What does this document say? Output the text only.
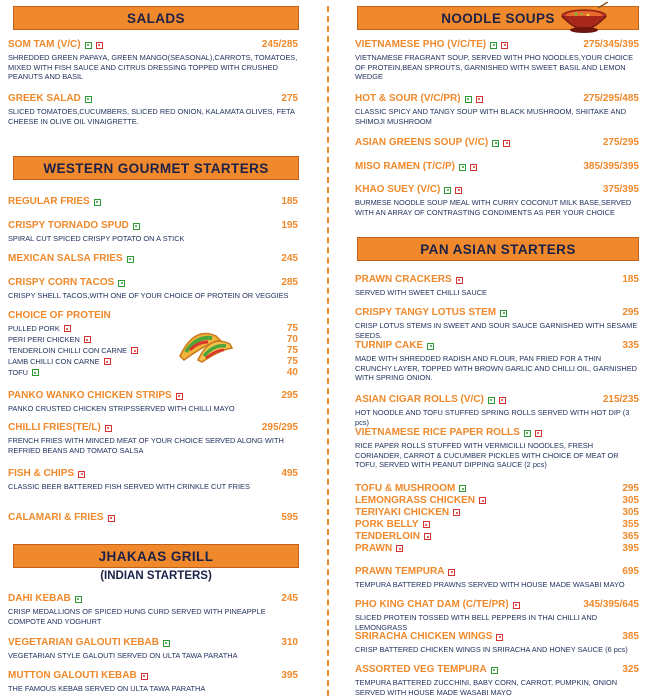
SALADS
SOM TAM (V/C)	245/285
SHREDDED GREEN PAPAYA, GREEN MANGO(SEASONAL),CARROTS, TOMATOES, MIXED WITH FISH SAUCE AND CITRUS DRESSING TOPPED WITH CRUSHED PEANUTS AND BASIL
GREEK SALAD	275
SLICED TOMATOES,CUCUMBERS, SLICED RED ONION, KALAMATA OLIVES, FETA CHEESE IN OLIVE OIL VINAIGRETTE.
WESTERN GOURMET STARTERS
REGULAR FRIES	185
CRISPY TORNADO SPUD	195
SPIRAL CUT SPICED CRISPY POTATO ON A STICK
MEXICAN SALSA FRIES	245
CRISPY CORN TACOS	285
CRISPY SHELL TACOS,WITH ONE OF YOUR CHOICE OF PROTEIN OR VEGGIES
CHOICE OF PROTEIN
PULLED PORK	75
PERI PERI CHICKEN	70
TENDERLOIN CHILLI CON CARNE	75
LAMB CHILLI CON CARNE	75
TOFU	40
PANKO WANKO CHICKEN STRIPS	295
PANKO CRUSTED CHICKEN STRIPSSERVED WITH CHILLI MAYO
CHILLI FRIES(TE/L)	295/295
FRENCH FRIES WITH MINCED MEAT OF YOUR CHOICE SERVED ALONG WITH REFRIED BEANS AND TOMATO SALSA
FISH & CHIPS	495
CLASSIC BEER BATTERED FISH SERVED WITH CRINKLE CUT FRIES
CALAMARI & FRIES	595
JHAKAAS GRILL
(INDIAN STARTERS)
DAHI KEBAB	245
CRISP MEDALLIONS OF SPICED HUNG CURD SERVED WITH PINEAPPLE COMPOTE AND YOGHURT
VEGETARIAN GALOUTI KEBAB	310
VEGETARIAN STYLE GALOUTI SERVED ON ULTA TAWA PARATHA
MUTTON GALOUTI KEBAB	395
THE FAMOUS KEBAB SERVED ON ULTA TAWA PARATHA
NOODLE SOUPS
VIETNAMESE PHO (V/C/TE)	275/345/395
VIETNAMESE FRAGRANT SOUP, SERVED WITH PHO NOODLES,YOUR CHOICE OF PROTEIN,BEAN SPROUTS, GARNISHED WITH SWEET BASIL AND LEMON WEDGE
HOT & SOUR (V/C/PR)	275/295/485
CLASSIC SPICY AND TANGY SOUP WITH BLACK MUSHROOM, SHIITAKE AND SHIMOJI MUSHROOM
ASIAN GREENS SOUP (V/C)	275/295
MISO RAMEN (T/C/P)	385/395/395
KHAO SUEY (V/C)	375/395
BURMESE NOODLE SOUP MEAL WITH CURRY COCONUT MILK BASE,SERVED WITH AN ARRAY OF CONTRASTING CONDIMENTS AS PER YOUR CHOICE
PAN ASIAN STARTERS
PRAWN CRACKERS	185
SERVED WITH SWEET CHILLI SAUCE
CRISPY TANGY LOTUS STEM	295
CRISP LOTUS STEMS IN SWEET AND SOUR SAUCE GARNISHED WITH SESAME SEEDS.
TURNIP CAKE	335
MADE WITH SHREDDED RADISH AND FLOUR, PAN FRIED FOR A THIN CRUNCHY LAYER, TOPPED WITH BROWN GARLIC AND CHILLI OIL, GARNISHED WITH SPRING ONION.
ASIAN CIGAR ROLLS (V/C)	215/235
HOT NOODLE AND TOFU STUFFED SPRING ROLLS SERVED WITH HOT DIP (3 pcs)
VIETNAMESE RICE PAPER ROLLS
RICE PAPER ROLLS STUFFED WITH VERMICILLI NOODLES, FRESH CORIANDER, CARROT & CUCUMBER PICKLES WITH CHOICE OF MEAT OR TOFU, SERVED WITH PEANUT DIPPING SAUCE (2 pcs)
TOFU & MUSHROOM	295
LEMONGRASS CHICKEN	305
TERIYAKI CHICKEN	305
PORK BELLY	355
TENDERLOIN	365
PRAWN	395
PRAWN TEMPURA	695
TEMPURA BATTERED PRAWNS SERVED WITH HOUSE MADE WASABI MAYO
PHO KING CHAT DAM (C/TE/PR)	345/395/645
SLICED PROTEIN TOSSED WITH BELL PEPPERS IN THAI CHILLI AND LEMONGRASS
SRIRACHA CHICKEN WINGS	385
CRISP BATTERED CHICKEN WINGS IN SRIRACHA AND HONEY SAUCE (6 pcs)
ASSORTED VEG TEMPURA	325
TEMPURA BATTERED ZUCCHINI, BABY CORN, CARROT, PUMPKIN, ONION SERVED WITH HOUSE MADE WASABI MAYO
